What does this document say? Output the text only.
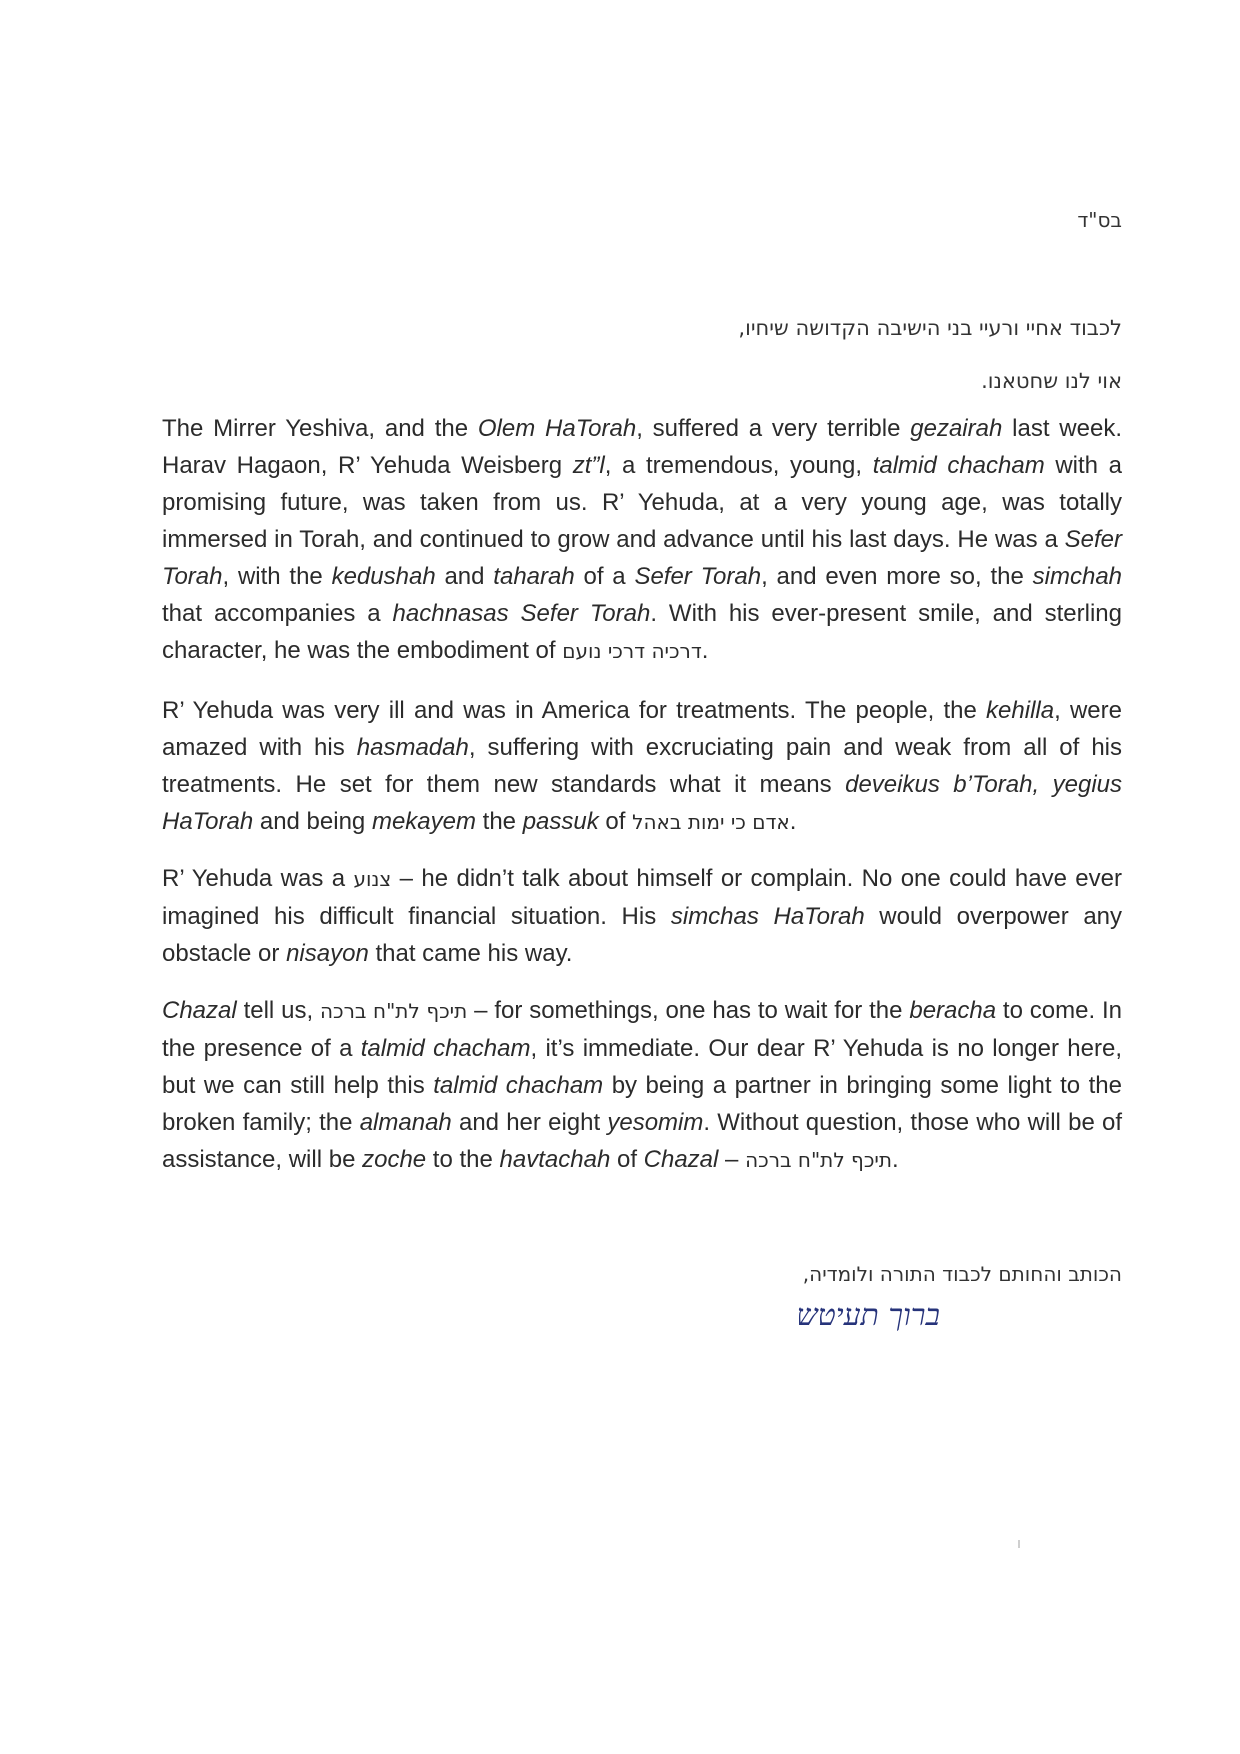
בס"ד
לכבוד אחיי ורעיי בני הישיבה הקדושה שיחיו,
אוי לנו שחטאנו.

The Mirrer Yeshiva, and the Olem HaTorah, suffered a very terrible gezairah last week. Harav Hagaon, R’ Yehuda Weisberg zt”l, a tremendous, young, talmid chacham with a promising future, was taken from us. R’ Yehuda, at a very young age, was totally immersed in Torah, and continued to grow and advance until his last days. He was a Sefer Torah, with the kedushah and taharah of a Sefer Torah, and even more so, the simchah that accompanies a hachnasas Sefer Torah. With his ever-present smile, and sterling character, he was the embodiment of דרכיה דרכי נועם.

R’ Yehuda was very ill and was in America for treatments. The people, the kehilla, were amazed with his hasmadah, suffering with excruciating pain and weak from all of his treatments. He set for them new standards what it means deveikus b’Torah, yegius HaTorah and being mekayem the passuk of אדם כי ימות באהל.

R’ Yehuda was a צנוע – he didn’t talk about himself or complain. No one could have ever imagined his difficult financial situation. His simchas HaTorah would overpower any obstacle or nisayon that came his way.

Chazal tell us, תיכף לת"ח ברכה – for somethings, one has to wait for the beracha to come. In the presence of a talmid chacham, it’s immediate. Our dear R’ Yehuda is no longer here, but we can still help this talmid chacham by being a partner in bringing some light to the broken family; the almanah and her eight yesomim. Without question, those who will be of assistance, will be zoche to the havtachah of Chazal – תיכף לת"ח ברכה.

הכותב והחותם לכבוד התורה ולומדיה,
ברוך תעיטש
